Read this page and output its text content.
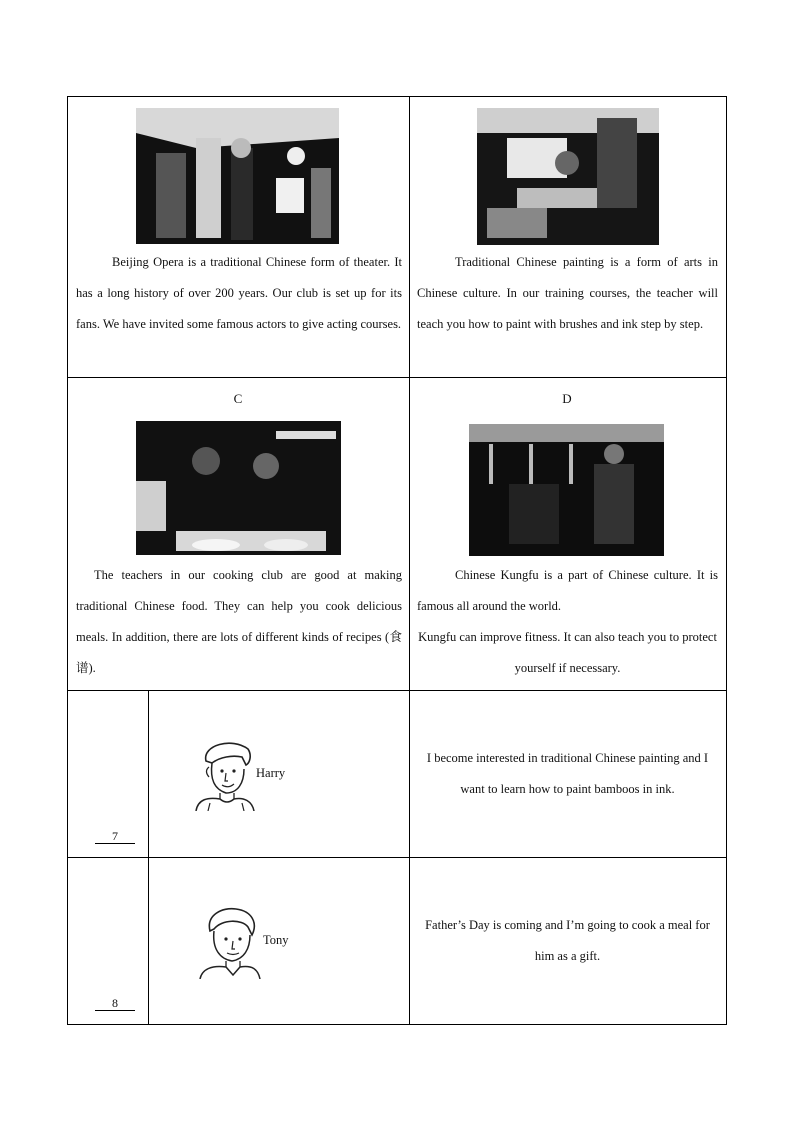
Beijing Opera is a traditional Chinese form of theater. It has a long history of over 200 years. Our club is set up for its fans. We have invited some famous actors to give acting courses.
Traditional Chinese painting is a form of arts in Chinese culture. In our training courses, the teacher will teach you how to paint with brushes and ink step by step.
C
The teachers in our cooking club are good at making traditional Chinese food. They can help you cook delicious meals. In addition, there are lots of different kinds of recipes (食谱).
D
Chinese Kungfu is a part of Chinese culture. It is famous all around the world.
Kungfu can improve fitness. It can also teach you to protect yourself if necessary.
7
Harry
I become interested in traditional Chinese painting and I want to learn how to paint bamboos in ink.
8
Tony
Father’s Day is coming and I’m going to cook a meal for him as a gift.
